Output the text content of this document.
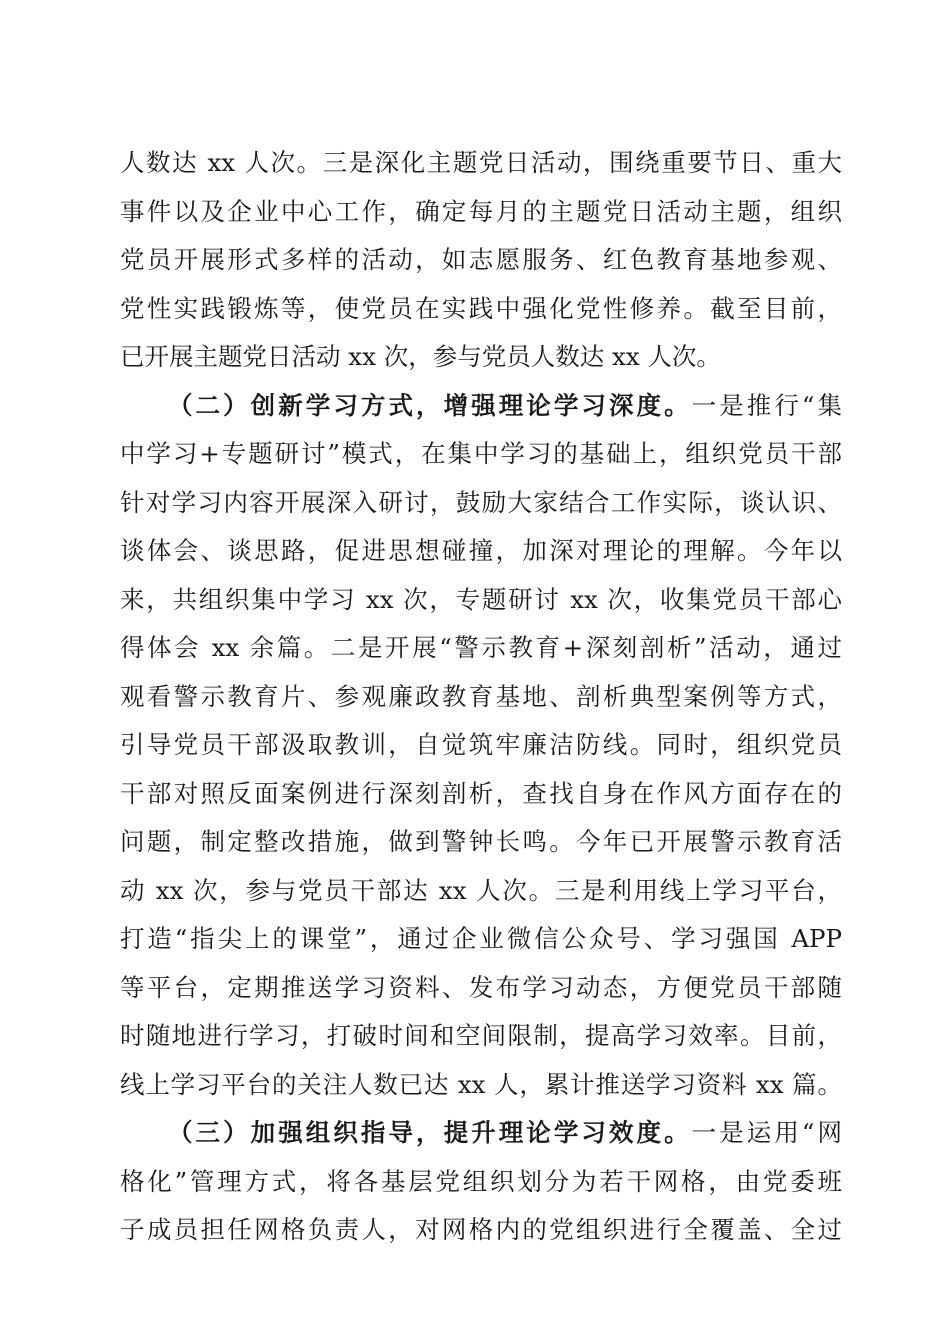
人数达 xx 人次。三是深化主题党日活动，围绕重要节日、重大
事件以及企业中心工作，确定每月的主题党日活动主题，组织
党员开展形式多样的活动，如志愿服务、红色教育基地参观、
党性实践锻炼等，使党员在实践中强化党性修养。截至目前，
已开展主题党日活动 xx 次，参与党员人数达 xx 人次。
（二）创新学习方式，增强理论学习深度。一是推行“集
中学习+专题研讨”模式，在集中学习的基础上，组织党员干部
针对学习内容开展深入研讨，鼓励大家结合工作实际，谈认识、
谈体会、谈思路，促进思想碰撞，加深对理论的理解。今年以
来，共组织集中学习 xx 次，专题研讨 xx 次，收集党员干部心
得体会 xx 余篇。二是开展“警示教育+深刻剖析”活动，通过
观看警示教育片、参观廉政教育基地、剖析典型案例等方式，
引导党员干部汲取教训，自觉筑牢廉洁防线。同时，组织党员
干部对照反面案例进行深刻剖析，查找自身在作风方面存在的
问题，制定整改措施，做到警钟长鸣。今年已开展警示教育活
动 xx 次，参与党员干部达 xx 人次。三是利用线上学习平台，
打造“指尖上的课堂”，通过企业微信公众号、学习强国 APP
等平台，定期推送学习资料、发布学习动态，方便党员干部随
时随地进行学习，打破时间和空间限制，提高学习效率。目前，
线上学习平台的关注人数已达 xx 人，累计推送学习资料 xx 篇。
（三）加强组织指导，提升理论学习效度。一是运用“网
格化”管理方式，将各基层党组织划分为若干网格，由党委班
子成员担任网格负责人，对网格内的党组织进行全覆盖、全过
